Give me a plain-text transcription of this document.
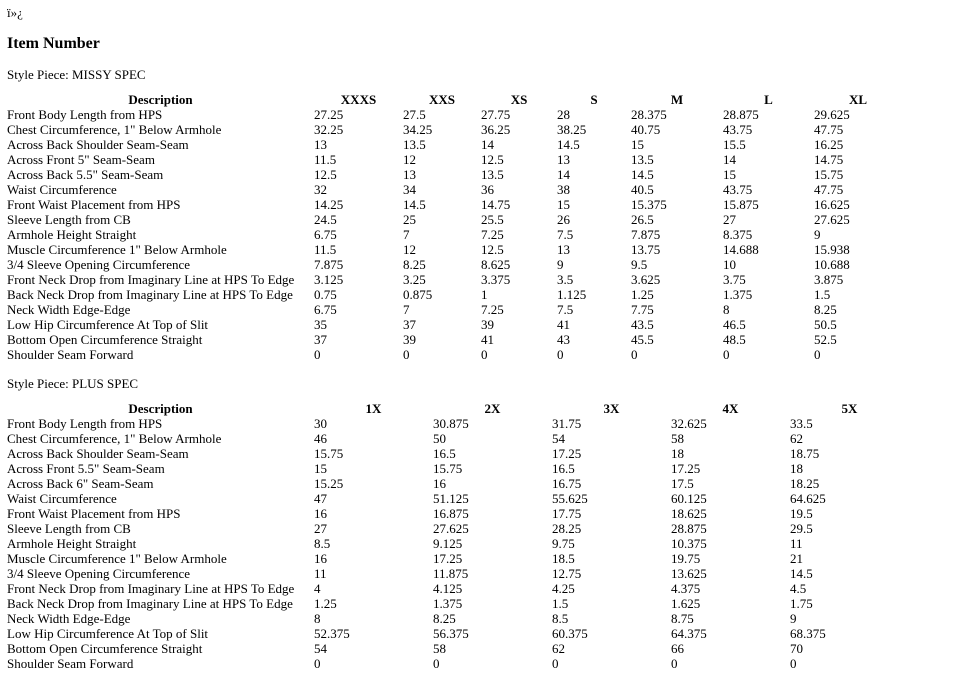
ï»¿
Item Number

Style Piece: MISSY SPEC

Description	XXXS	XXS	XS	S	M	L	XL
Front Body Length from HPS	27.25	27.5	27.75	28	28.375	28.875	29.625
Chest Circumference, 1" Below Armhole	32.25	34.25	36.25	38.25	40.75	43.75	47.75
Across Back Shoulder Seam-Seam	13	13.5	14	14.5	15	15.5	16.25
Across Front 5" Seam-Seam	11.5	12	12.5	13	13.5	14	14.75
Across Back 5.5" Seam-Seam	12.5	13	13.5	14	14.5	15	15.75
Waist Circumference	32	34	36	38	40.5	43.75	47.75
Front Waist Placement from HPS	14.25	14.5	14.75	15	15.375	15.875	16.625
Sleeve Length from CB	24.5	25	25.5	26	26.5	27	27.625
Armhole Height Straight	6.75	7	7.25	7.5	7.875	8.375	9
Muscle Circumference 1" Below Armhole	11.5	12	12.5	13	13.75	14.688	15.938
3/4 Sleeve Opening Circumference	7.875	8.25	8.625	9	9.5	10	10.688
Front Neck Drop from Imaginary Line at HPS To Edge	3.125	3.25	3.375	3.5	3.625	3.75	3.875
Back Neck Drop from Imaginary Line at HPS To Edge	0.75	0.875	1	1.125	1.25	1.375	1.5
Neck Width Edge-Edge	6.75	7	7.25	7.5	7.75	8	8.25
Low Hip Circumference At Top of Slit	35	37	39	41	43.5	46.5	50.5
Bottom Open Circumference Straight	37	39	41	43	45.5	48.5	52.5
Shoulder Seam Forward	0	0	0	0	0	0	0

Style Piece: PLUS SPEC

Description	1X	2X	3X	4X	5X
Front Body Length from HPS	30	30.875	31.75	32.625	33.5
Chest Circumference, 1" Below Armhole	46	50	54	58	62
Across Back Shoulder Seam-Seam	15.75	16.5	17.25	18	18.75
Across Front 5.5" Seam-Seam	15	15.75	16.5	17.25	18
Across Back 6" Seam-Seam	15.25	16	16.75	17.5	18.25
Waist Circumference	47	51.125	55.625	60.125	64.625
Front Waist Placement from HPS	16	16.875	17.75	18.625	19.5
Sleeve Length from CB	27	27.625	28.25	28.875	29.5
Armhole Height Straight	8.5	9.125	9.75	10.375	11
Muscle Circumference 1" Below Armhole	16	17.25	18.5	19.75	21
3/4 Sleeve Opening Circumference	11	11.875	12.75	13.625	14.5
Front Neck Drop from Imaginary Line at HPS To Edge	4	4.125	4.25	4.375	4.5
Back Neck Drop from Imaginary Line at HPS To Edge	1.25	1.375	1.5	1.625	1.75
Neck Width Edge-Edge	8	8.25	8.5	8.75	9
Low Hip Circumference At Top of Slit	52.375	56.375	60.375	64.375	68.375
Bottom Open Circumference Straight	54	58	62	66	70
Shoulder Seam Forward	0	0	0	0	0
